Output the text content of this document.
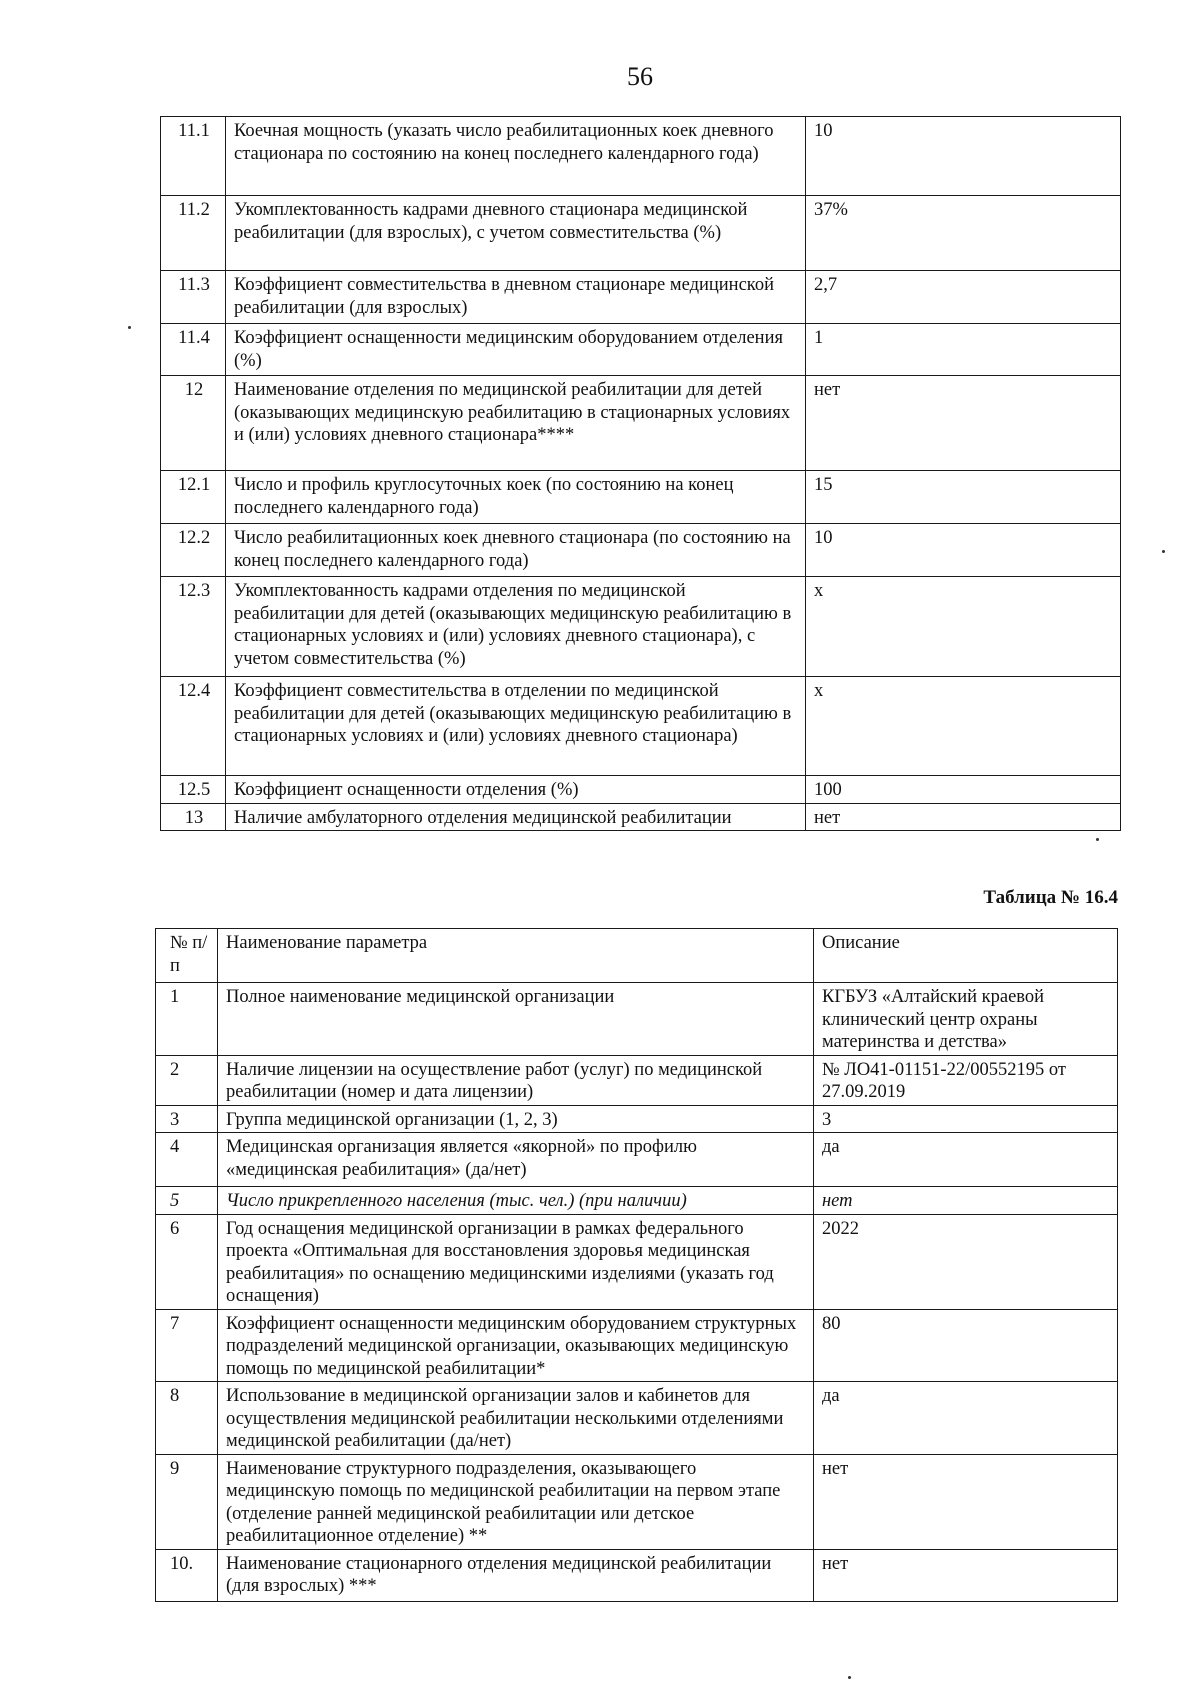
56
11.1	Коечная мощность (указать число реабилитационных коек дневного стационара по состоянию на конец последнего календарного года)	10
11.2	Укомплектованность кадрами дневного стационара медицинской реабилитации (для взрослых), с учетом совместительства (%)	37%
11.3	Коэффициент совместительства в дневном стационаре медицинской реабилитации (для взрослых)	2,7
11.4	Коэффициент оснащенности медицинским оборудованием отделения (%)	1
12	Наименование отделения по медицинской реабилитации для детей (оказывающих медицинскую реабилитацию в стационарных условиях и (или) условиях дневного стационара****	нет
12.1	Число и профиль круглосуточных коек (по состоянию на конец последнего календарного года)	15
12.2	Число реабилитационных коек дневного стационара (по состоянию на конец последнего календарного года)	10
12.3	Укомплектованность кадрами отделения по медицинской реабилитации для детей (оказывающих медицинскую реабилитацию в стационарных условиях и (или) условиях дневного стационара), с учетом совместительства (%)	х
12.4	Коэффициент совместительства в отделении по медицинской реабилитации для детей (оказывающих медицинскую реабилитацию в стационарных условиях и (или) условиях дневного стационара)	х
12.5	Коэффициент оснащенности отделения (%)	100
13	Наличие амбулаторного отделения медицинской реабилитации	нет
Таблица № 16.4
№ п/п	Наименование параметра	Описание
1	Полное наименование медицинской организации	КГБУЗ «Алтайский краевой клинический центр охраны материнства и детства»
2	Наличие лицензии на осуществление работ (услуг) по медицинской реабилитации (номер и дата лицензии)	№ ЛО41-01151-22/00552195 от 27.09.2019
3	Группа медицинской организации (1, 2, 3)	3
4	Медицинская организация является «якорной» по профилю «медицинская реабилитация» (да/нет)	да
5	Число прикрепленного населения (тыс. чел.) (при наличии)	нет
6	Год оснащения медицинской организации в рамках федерального проекта «Оптимальная для восстановления здоровья медицинская реабилитация» по оснащению медицинскими изделиями (указать год оснащения)	2022
7	Коэффициент оснащенности медицинским оборудованием структурных подразделений медицинской организации, оказывающих медицинскую помощь по медицинской реабилитации*	80
8	Использование в медицинской организации залов и кабинетов для осуществления медицинской реабилитации несколькими отделениями медицинской реабилитации (да/нет)	да
9	Наименование структурного подразделения, оказывающего медицинскую помощь по медицинской реабилитации на первом этапе (отделение ранней медицинской реабилитации или детское реабилитационное отделение) **	нет
10.	Наименование стационарного отделения медицинской реабилитации (для взрослых) ***	нет
